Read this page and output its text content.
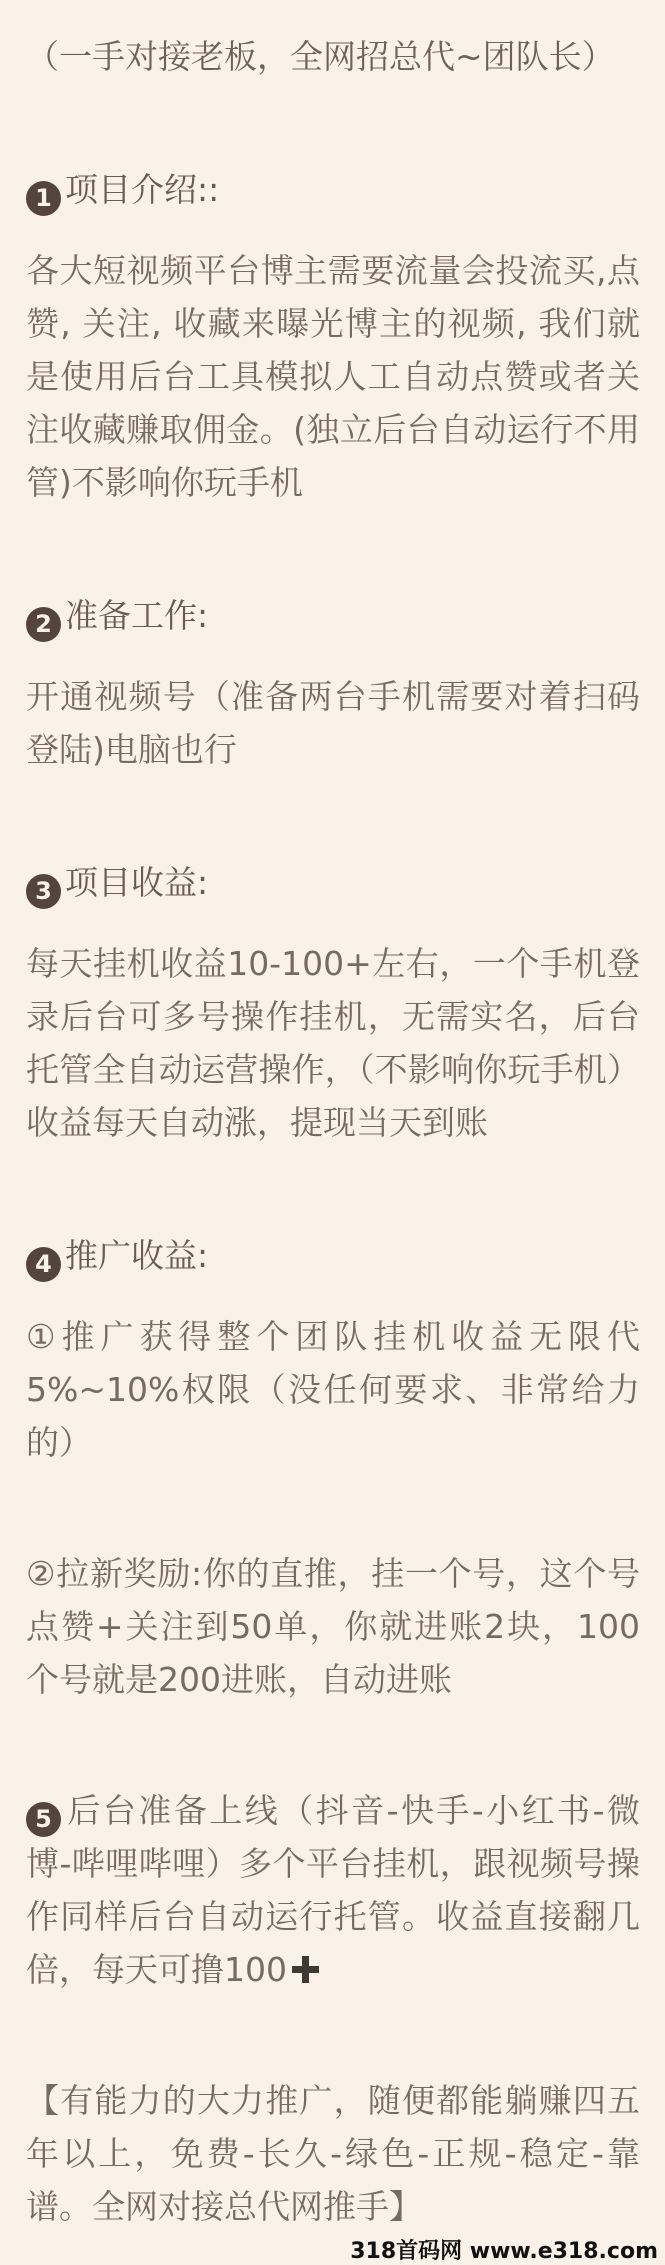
（一手对接老板，全网招总代~团队长）

1 项目介绍::

各大短视频平台博主需要流量会投流买,点赞, 关注, 收藏来曝光博主的视频, 我们就是使用后台工具模拟人工自动点赞或者关注收藏赚取佣金。(独立后台自动运行不用管)不影响你玩手机

2 准备工作:

开通视频号（准备两台手机需要对着扫码登陆)电脑也行

3 项目收益:

每天挂机收益10-100+左右，一个手机登录后台可多号操作挂机，无需实名，后台托管全自动运营操作，（不影响你玩手机）收益每天自动涨，提现当天到账

4 推广收益:

①推广获得整个团队挂机收益无限代5%~10%权限（没任何要求、非常给力的）

②拉新奖励:你的直推，挂一个号，这个号点赞+关注到50单，你就进账2块，100个号就是200进账，自动进账

5 后台准备上线（抖音-快手-小红书-微博-哔哩哔哩）多个平台挂机，跟视频号操作同样后台自动运行托管。收益直接翻几倍，每天可撸100

【有能力的大力推广，随便都能躺赚四五年以上，免费-长久-绿色-正规-稳定-靠谱。全网对接总代网推手】

318首码网 www.e318.com
